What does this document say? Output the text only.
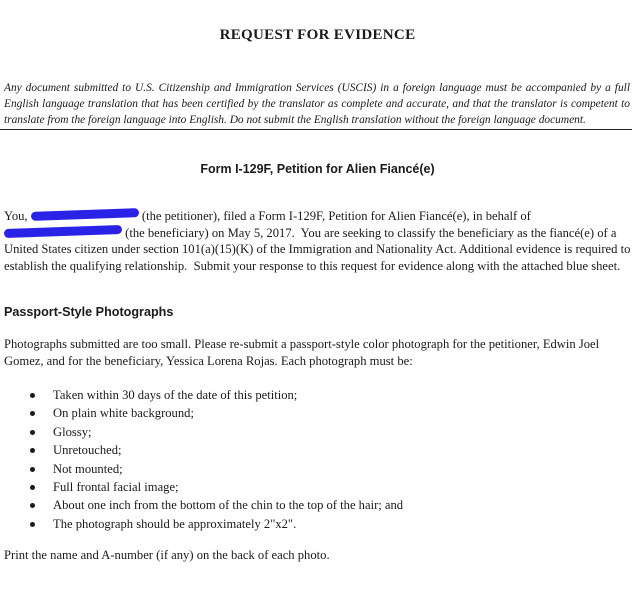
REQUEST FOR EVIDENCE
Any document submitted to U.S. Citizenship and Immigration Services (USCIS) in a foreign language must be accompanied by a full English language translation that has been certified by the translator as complete and accurate, and that the translator is competent to translate from the foreign language into English. Do not submit the English translation without the foreign language document.
Form I-129F, Petition for Alien Fiancé(e)
You,	(the petitioner), filed a Form I-129F, Petition for Alien Fiancé(e), in behalf of  (the beneficiary) on May 5, 2017.  You are seeking to classify the beneficiary as the fiancé(e) of a United States citizen under section 101(a)(15)(K) of the Immigration and Nationality Act. Additional evidence is required to establish the qualifying relationship.  Submit your response to this request for evidence along with the attached blue sheet.
Passport-Style Photographs
Photographs submitted are too small. Please re-submit a passport-style color photograph for the petitioner, Edwin Joel Gomez, and for the beneficiary, Yessica Lorena Rojas. Each photograph must be:
Taken within 30 days of the date of this petition;
On plain white background;
Glossy;
Unretouched;
Not mounted;
Full frontal facial image;
About one inch from the bottom of the chin to the top of the hair; and
The photograph should be approximately 2"x2".
Print the name and A-number (if any) on the back of each photo.
